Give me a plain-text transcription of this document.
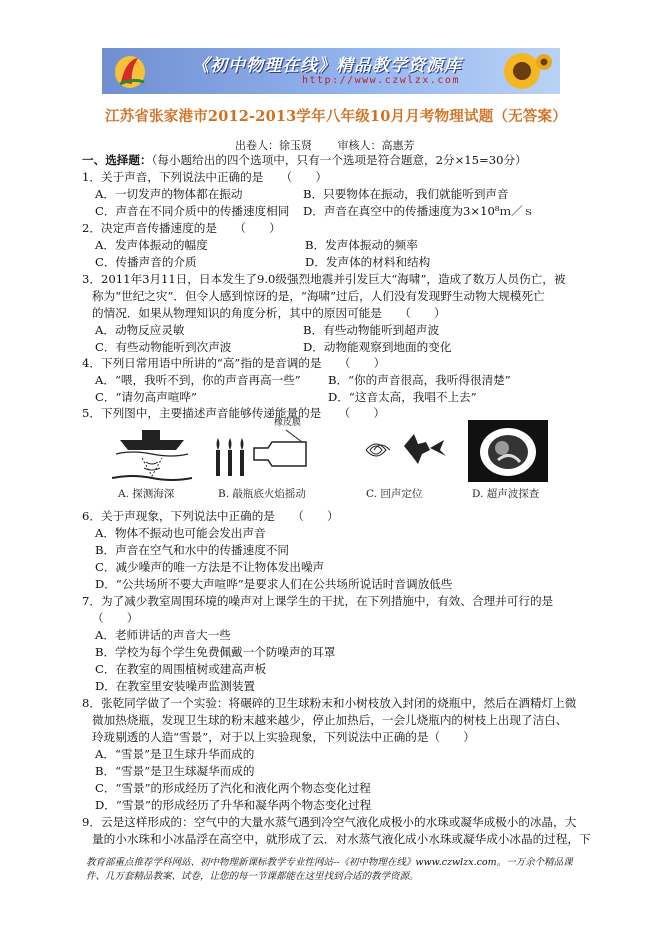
《初中物理在线》精品教学资源库
http://www.czwlzx.com
江苏省张家港市2012-2013学年八年级10月月考物理试题（无答案）
出卷人：徐玉贤 审核人：高惠芳
一、选择题：（每小题给出的四个选项中，只有一个选项是符合题意，2分×15=30分）
1．关于声音，下列说法中正确的是　　（　　）
A．一切发声的物体都在振动	B．只要物体在振动，我们就能听到声音
C．声音在不同介质中的传播速度相同 D．声音在真空中的传播速度为3×10⁸ｍ／ｓ
2．决定声音传播速度的是　　（　　）
A．发声体振动的幅度	B．发声体振动的频率
C．传播声音的介质	D．发声体的材料和结构
3．2011年3月11日，日本发生了9.0级强烈地震并引发巨大“海啸”，造成了数万人员伤亡，被
称为“世纪之灾”．但令人感到惊讶的是，“海啸”过后，人们没有发现野生动物大规模死亡
的情况．如果从物理知识的角度分析，其中的原因可能是　　（　　）
A．动物反应灵敏	B．有些动物能听到超声波
C．有些动物能听到次声波	D．动物能观察到地面的变化
4．下列日常用语中所讲的“高”指的是音调的是　　（　　）
A．“喂，我听不到，你的声音再高一些” B．“你的声音很高，我听得很清楚”
C．“请勿高声喧哗”	D．“这音太高，我唱不上去”
5．下列图中，主要描述声音能够传递能量的是　　（　　）
A. 探测海深
橡皮膜
B. 敲瓶底火焰摇动	C. 回声定位	D. 超声波探查
6．关于声现象，下列说法中正确的是　　（　　）
A．物体不振动也可能会发出声音
B．声音在空气和水中的传播速度不同
C．减少噪声的唯一方法是不让物体发出噪声
D．“公共场所不要大声喧哗”是要求人们在公共场所说话时音调放低些
7．为了减少教室周围环境的噪声对上课学生的干扰，在下列措施中，有效、合理并可行的是
（　　）
A．老师讲话的声音大一些
B．学校为每个学生免费佩戴一个防噪声的耳罩
C．在教室的周围植树或建高声板
D．在教室里安装噪声监测装置
8．张乾同学做了一个实验：将碾碎的卫生球粉末和小树枝放入封闭的烧瓶中，然后在酒精灯上微
微加热烧瓶，发现卫生球的粉末越来越少，停止加热后，一会儿烧瓶内的树枝上出现了洁白、
玲珑剔透的人造“雪景”，对于以上实验现象，下列说法中正确的是（　　）
A．“雪景”是卫生球升华而成的
B．“雪景”是卫生球凝华而成的
C．“雪景”的形成经历了汽化和液化两个物态变化过程
D．“雪景”的形成经历了升华和凝华两个物态变化过程
9．云是这样形成的：空气中的大量水蒸气遇到冷空气液化成极小的水珠或凝华成极小的冰晶，大
量的小水珠和小冰晶浮在高空中，就形成了云．对水蒸气液化成小水珠或凝华成小冰晶的过程，下
教育部重点推荐学科网站、初中物理新课标教学专业性网站--《初中物理在线》www.czwlzx.com。一万余个精品课
件、几万套精品教案、试卷，让您的每一节课都能在这里找到合适的教学资源。
